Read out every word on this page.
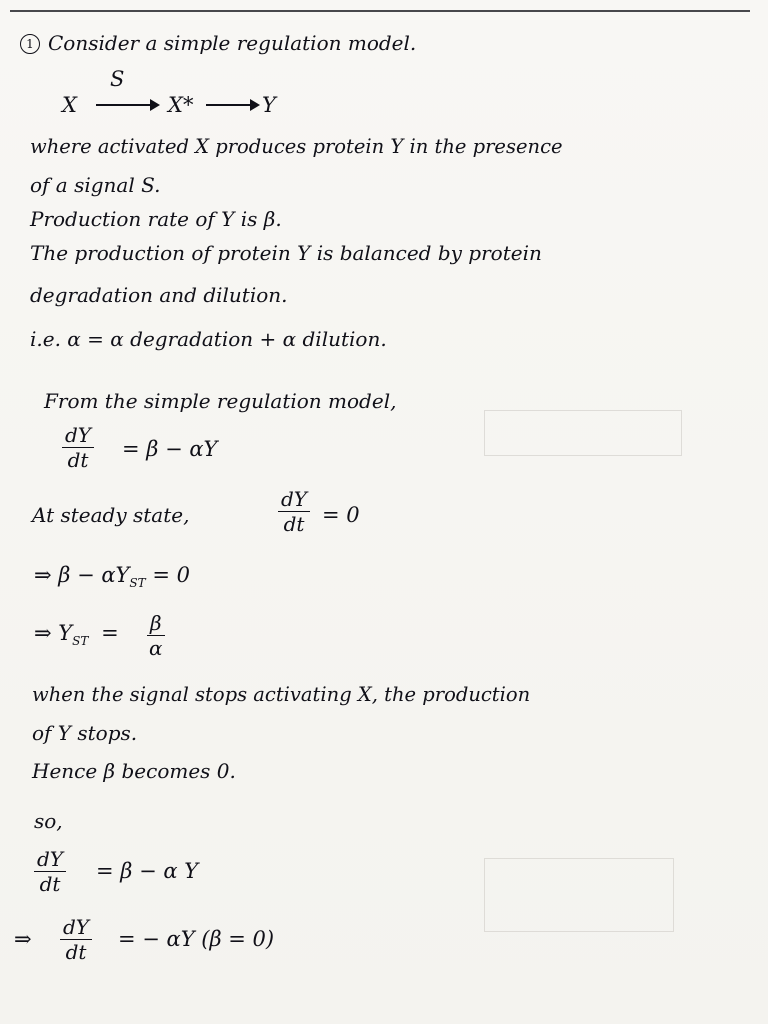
1 Consider a simple regulation model.
S
X	X*	Y
where activated X produces protein Y in the presence
of a signal S.
Production rate of Y is β.
The production of protein Y is balanced by protein
degradation and dilution.
i.e. α = α degradation + α dilution.
From the simple regulation model,
$\frac{dY}{dt} = \beta - \alpha Y$
At steady state,	$\frac{dY}{dt} = 0$
⇒ $\beta - \alpha Y_{ST} = 0$
⇒ $Y_{ST} = \frac{\beta}{\alpha}$
when the signal stops activating X, the production
of Y stops.
Hence β becomes 0.
so,
$\frac{dY}{dt} = \beta - \alpha$ Y
⇒ $\frac{dY}{dt}$ = − αY (β = 0)
